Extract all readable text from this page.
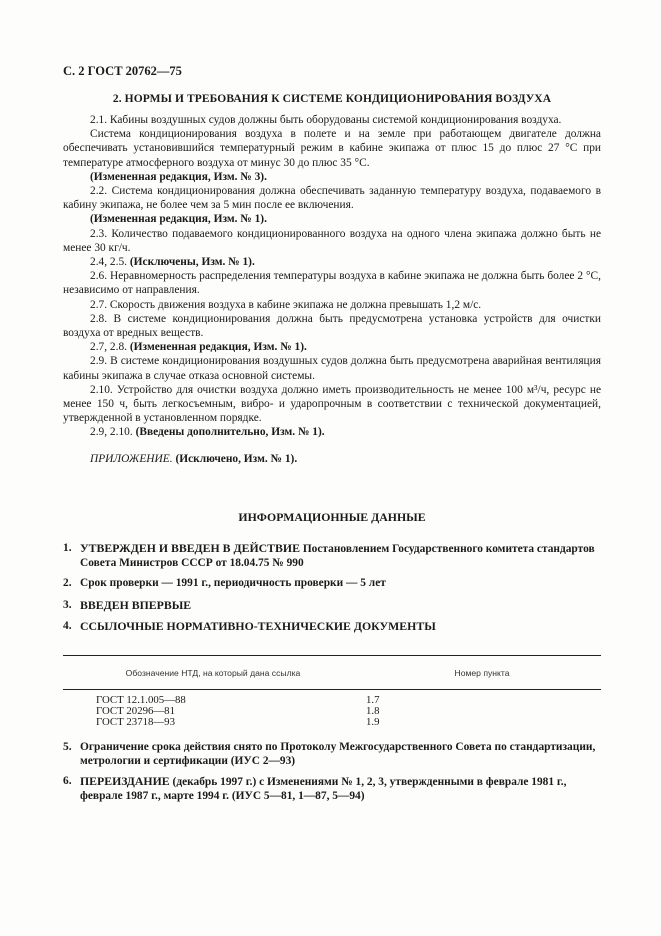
С. 2 ГОСТ 20762—75
2. НОРМЫ И ТРЕБОВАНИЯ К СИСТЕМЕ КОНДИЦИОНИРОВАНИЯ ВОЗДУХА

2.1. Кабины воздушных судов должны быть оборудованы системой кондиционирования воздуха.

Система кондиционирования воздуха в полете и на земле при работающем двигателе должна обеспечивать установившийся температурный режим в кабине экипажа от плюс 15 до плюс 27 °С при температуре атмосферного воздуха от минус 30 до плюс 35 °С.

(Измененная редакция, Изм. № 3).

2.2. Система кондиционирования должна обеспечивать заданную температуру воздуха, подаваемого в кабину экипажа, не более чем за 5 мин после ее включения.

(Измененная редакция, Изм. № 1).

2.3. Количество подаваемого кондиционированного воздуха на одного члена экипажа должно быть не менее 30 кг/ч.

2.4, 2.5. (Исключены, Изм. № 1).

2.6. Неравномерность распределения температуры воздуха в кабине экипажа не должна быть более 2 °С, независимо от направления.

2.7. Скорость движения воздуха в кабине экипажа не должна превышать 1,2 м/с.

2.8. В системе кондиционирования должна быть предусмотрена установка устройств для очистки воздуха от вредных веществ.

2.7, 2.8. (Измененная редакция, Изм. № 1).

2.9. В системе кондиционирования воздушных судов должна быть предусмотрена аварийная вентиляция кабины экипажа в случае отказа основной системы.

2.10. Устройство для очистки воздуха должно иметь производительность не менее 100 м³/ч, ресурс не менее 150 ч, быть легкосъемным, вибро- и ударопрочным в соответствии с технической документацией, утвержденной в установленном порядке.

2.9, 2.10. (Введены дополнительно, Изм. № 1).

ПРИЛОЖЕНИЕ. (Исключено, Изм. № 1).

ИНФОРМАЦИОННЫЕ ДАННЫЕ
1. УТВЕРЖДЕН И ВВЕДЕН В ДЕЙСТВИЕ Постановлением Государственного комитета стандартов Совета Министров СССР от 18.04.75 № 990
2. Срок проверки — 1991 г., периодичность проверки — 5 лет
3. ВВЕДЕН ВПЕРВЫЕ
4. ССЫЛОЧНЫЕ НОРМАТИВНО-ТЕХНИЧЕСКИЕ ДОКУМЕНТЫ
Обозначение НТД, на который дана ссылка	Номер пункта
ГОСТ 12.1.005—88	1.7
ГОСТ 20296—81	1.8
ГОСТ 23718—93	1.9
5. Ограничение срока действия снято по Протоколу Межгосударственного Совета по стандартизации, метрологии и сертификации (ИУС 2—93)
6. ПЕРЕИЗДАНИЕ (декабрь 1997 г.) с Изменениями № 1, 2, 3, утвержденными в феврале 1981 г., феврале 1987 г., марте 1994 г. (ИУС 5—81, 1—87, 5—94)
